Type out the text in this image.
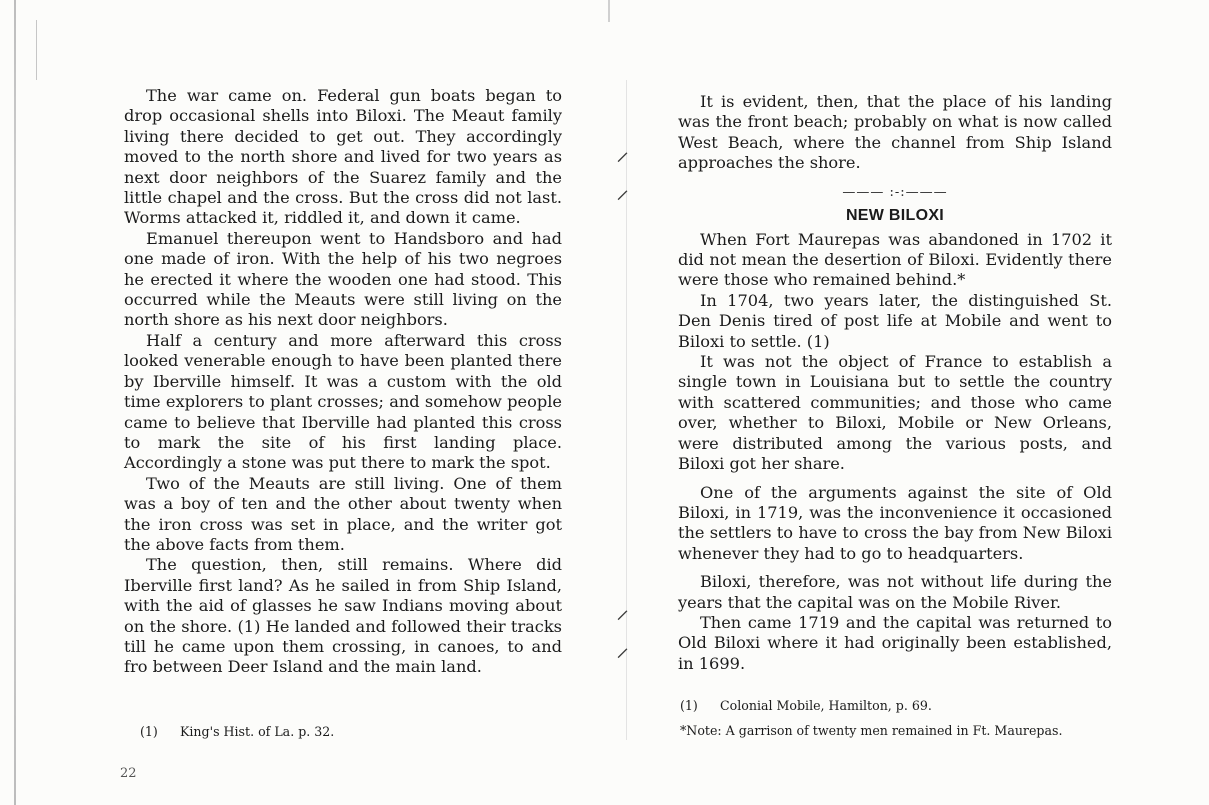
⸝
⸝
⸝
⸝

The war came on. Federal gun boats began to drop occasional shells into Biloxi. The Meaut family living there decided to get out. They accordingly moved to the north shore and lived for two years as next door neighbors of the Suarez family and the little chapel and the cross. But the cross did not last. Worms attacked it, riddled it, and down it came.

Emanuel thereupon went to Handsboro and had one made of iron. With the help of his two negroes he erected it where the wooden one had stood. This occurred while the Meauts were still living on the north shore as his next door neighbors.

Half a century and more afterward this cross looked venerable enough to have been planted there by Iberville himself. It was a custom with the old time explorers to plant crosses; and somehow people came to believe that Iberville had planted this cross to mark the site of his first landing place. Accordingly a stone was put there to mark the spot.

Two of the Meauts are still living. One of them was a boy of ten and the other about twenty when the iron cross was set in place, and the writer got the above facts from them.

The question, then, still remains. Where did Iberville first land? As he sailed in from Ship Island, with the aid of glasses he saw Indians moving about on the shore. (1) He landed and followed their tracks till he came upon them crossing, in canoes, to and fro between Deer Island and the main land.

(1) King's Hist. of La. p. 32.
22

It is evident, then, that the place of his landing was the front beach; probably on what is now called West Beach, where the channel from Ship Island approaches the shore.

——— :-:———
NEW BILOXI

When Fort Maurepas was abandoned in 1702 it did not mean the desertion of Biloxi. Evidently there were those who remained behind.*

In 1704, two years later, the distinguished St. Den Denis tired of post life at Mobile and went to Biloxi to settle. (1)

It was not the object of France to establish a single town in Louisiana but to settle the country with scattered communities; and those who came over, whether to Biloxi, Mobile or New Orleans, were distributed among the various posts, and Biloxi got her share.

One of the arguments against the site of Old Biloxi, in 1719, was the inconvenience it occasioned the settlers to have to cross the bay from New Biloxi whenever they had to go to headquarters.

Biloxi, therefore, was not without life during the years that the capital was on the Mobile River.

Then came 1719 and the capital was returned to Old Biloxi where it had originally been established, in 1699.

(1) Colonial Mobile, Hamilton, p. 69.
*Note: A garrison of twenty men remained in Ft. Maurepas.
